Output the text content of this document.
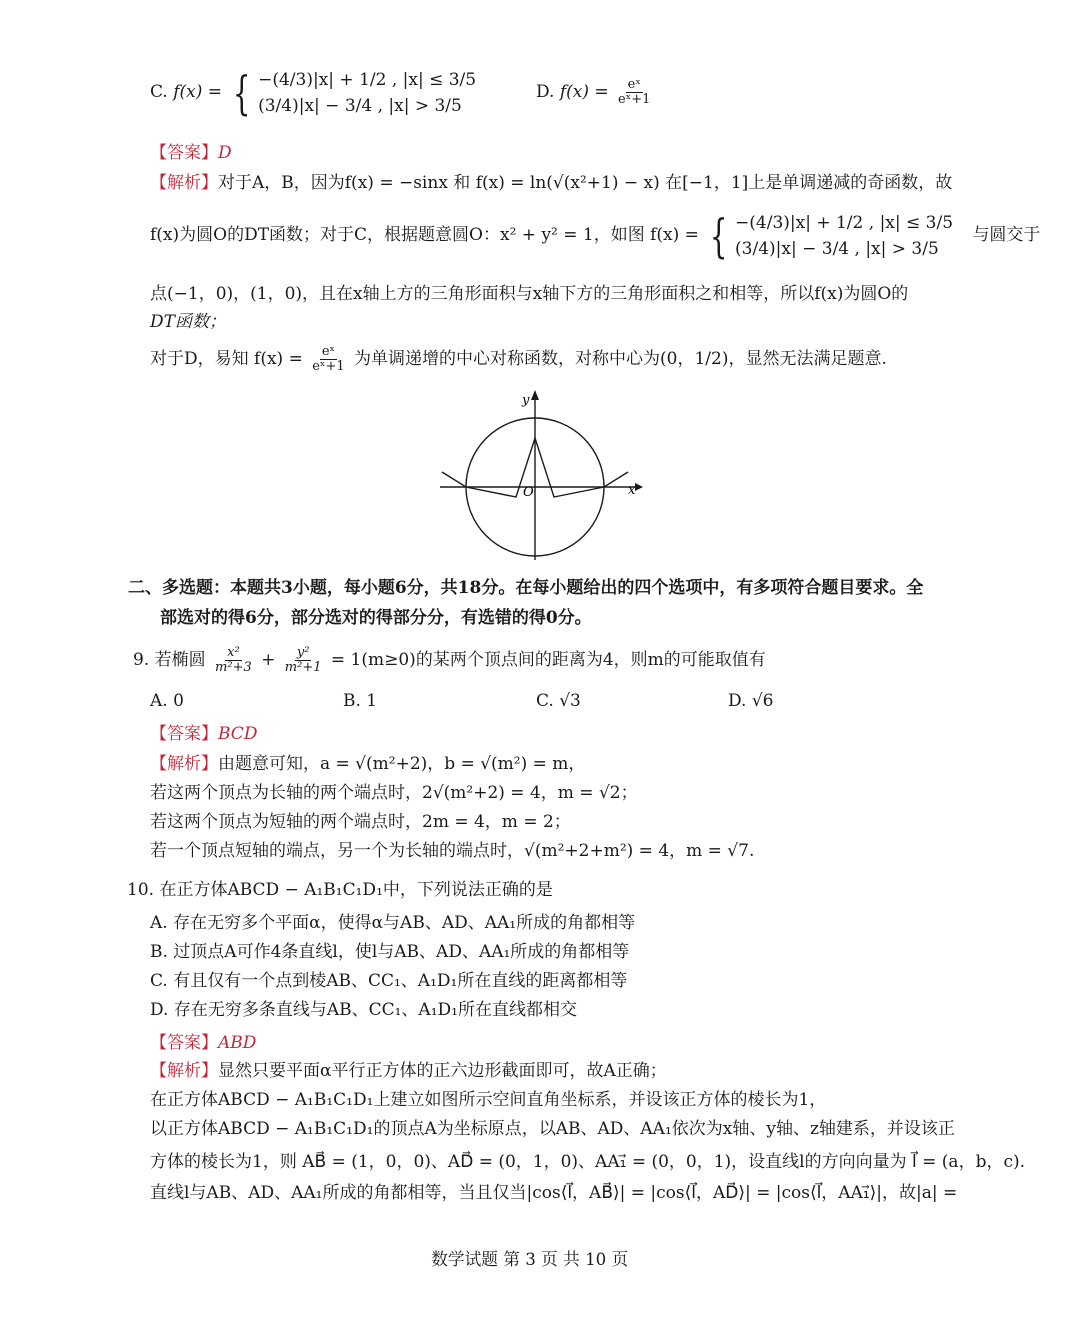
C. f(x) = { −(4/3)|x| + 1/2 , |x| ≤ 3/5
(3/4)|x| − 3/4 , |x| > 3/5
D. $f(x) = \frac{\text{eˣ}}{\text{eˣ+1}}$
【答案】D
【解析】对于A，B，因为f(x) = −sinx 和 f(x) = ln(√(x²+1) − x) 在[−1，1]上是单调递减的奇函数，故
f(x)为圆O的DT函数；对于C，根据题意圆O：x² + y² = 1，如图 f(x) = { −(4/3)|x| + 1/2 , |x| ≤ 3/5
(3/4)|x| − 3/4 , |x| > 3/5
与圆交于
点(−1，0)，(1，0)，且在x轴上方的三角形面积与x轴下方的三角形面积之和相等，所以f(x)为圆O的
DT函数；
对于D，易知 $f(x) = \frac{\text{eˣ}}{\text{eˣ+1}}$ 为单调递增的中心对称函数，对称中心为(0，1/2)，显然无法满足题意.
y
x
O
二、多选题：本题共3小题，每小题6分，共18分。在每小题给出的四个选项中，有多项符合题目要求。全
部选对的得6分，部分选对的得部分分，有选错的得0分。
9. 若椭圆 $\frac{\text{x²}}{\text{m²+3}} + \frac{\text{y²}}{\text{m²+1}} = 1(m\ge 0)$的某两个顶点间的距离为4，则m的可能取值有
A. 0	B. 1	C. √3	D. √6
【答案】BCD
【解析】由题意可知，a = √(m²+2)，b = √(m²) = m，
若这两个顶点为长轴的两个端点时，2√(m²+2) = 4，m = √2；
若这两个顶点为短轴的两个端点时，2m = 4，m = 2；
若一个顶点短轴的端点，另一个为长轴的端点时，√(m²+2+m²) = 4，m = √7.
10. 在正方体ABCD − A₁B₁C₁D₁中，下列说法正确的是
A. 存在无穷多个平面α，使得α与AB、AD、AA₁所成的角都相等
B. 过顶点A可作4条直线l，使l与AB、AD、AA₁所成的角都相等
C. 有且仅有一个点到棱AB、CC₁、A₁D₁所在直线的距离都相等
D. 存在无穷多条直线与AB、CC₁、A₁D₁所在直线都相交
【答案】ABD
【解析】显然只要平面α平行正方体的正六边形截面即可，故A正确；
在正方体ABCD − A₁B₁C₁D₁上建立如图所示空间直角坐标系，并设该正方体的棱长为1，
以正方体ABCD − A₁B₁C₁D₁的顶点A为坐标原点，以AB、AD、AA₁依次为x轴、y轴、z轴建系，并设该正
方体的棱长为1，则 AB⃗ = (1，0，0)、AD⃗ = (0，1，0)、AA₁⃗ = (0，0，1)，设直线l的方向向量为 l⃗ = (a，b，c).
直线l与AB、AD、AA₁所成的角都相等，当且仅当|cos⟨l⃗，AB⃗⟩| = |cos⟨l⃗，AD⃗⟩| = |cos⟨l⃗，AA₁⃗⟩|，故|a| =
数学试题 第 3 页 共 10 页
